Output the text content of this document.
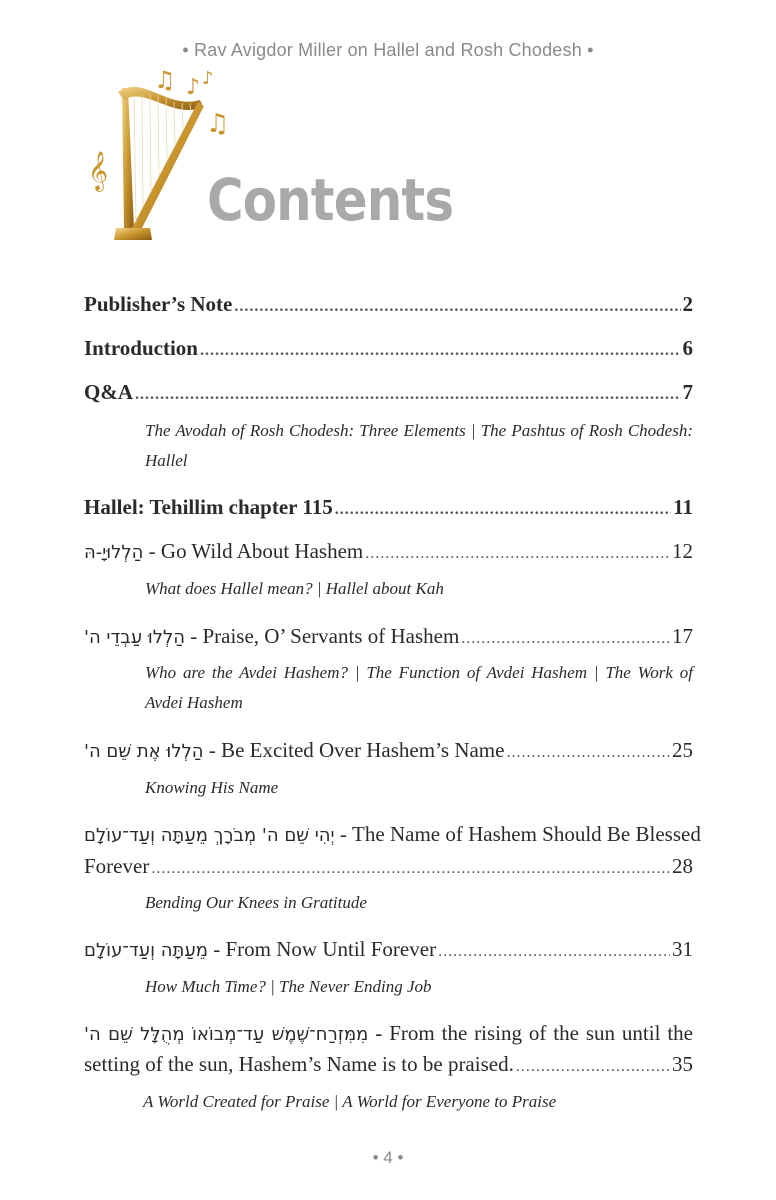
• Rav Avigdor Miller on Hallel and Rosh Chodesh •
♫ ♪
♫
𝄞
♪
Contents
Publisher’s Note .....	2
Introduction .....	6
Q&A .....	7
The Avodah of Rosh Chodesh: Three Elements | The Pashtus of Rosh Chodesh: Hallel
Hallel: Tehillim chapter 115 .....	11
הַלְלוּיָ-הּ - Go Wild About Hashem .....	12
What does Hallel mean? | Hallel about Kah
הַלְלוּ עַבְדֵי ה' - Praise, O’ Servants of Hashem .....	17
Who are the Avdei Hashem? | The Function of Avdei Hashem | The Work of Avdei Hashem
הַלְלוּ אֶת שֵׁם ה' - Be Excited Over Hashem’s Name .....	25
Knowing His Name
יְהִי שֵׁם ה' מְבֹרָךְ מֵעַתָּה וְעַד־עוֹלָם - The Name of Hashem Should Be Blessed
Forever .....	28
Bending Our Knees in Gratitude
מֵעַתָּה וְעַד־עוֹלָם - From Now Until Forever .....	31
How Much Time? | The Never Ending Job
מִמִּזְרַח־שֶׁמֶשׁ עַד־מְבוֹאוֹ מְהֻלָּל שֵׁם ה' - From the rising of the sun until the
setting of the sun, Hashem’s Name is to be praised. .....	35
A World Created for Praise | A World for Everyone to Praise
• 4 •
